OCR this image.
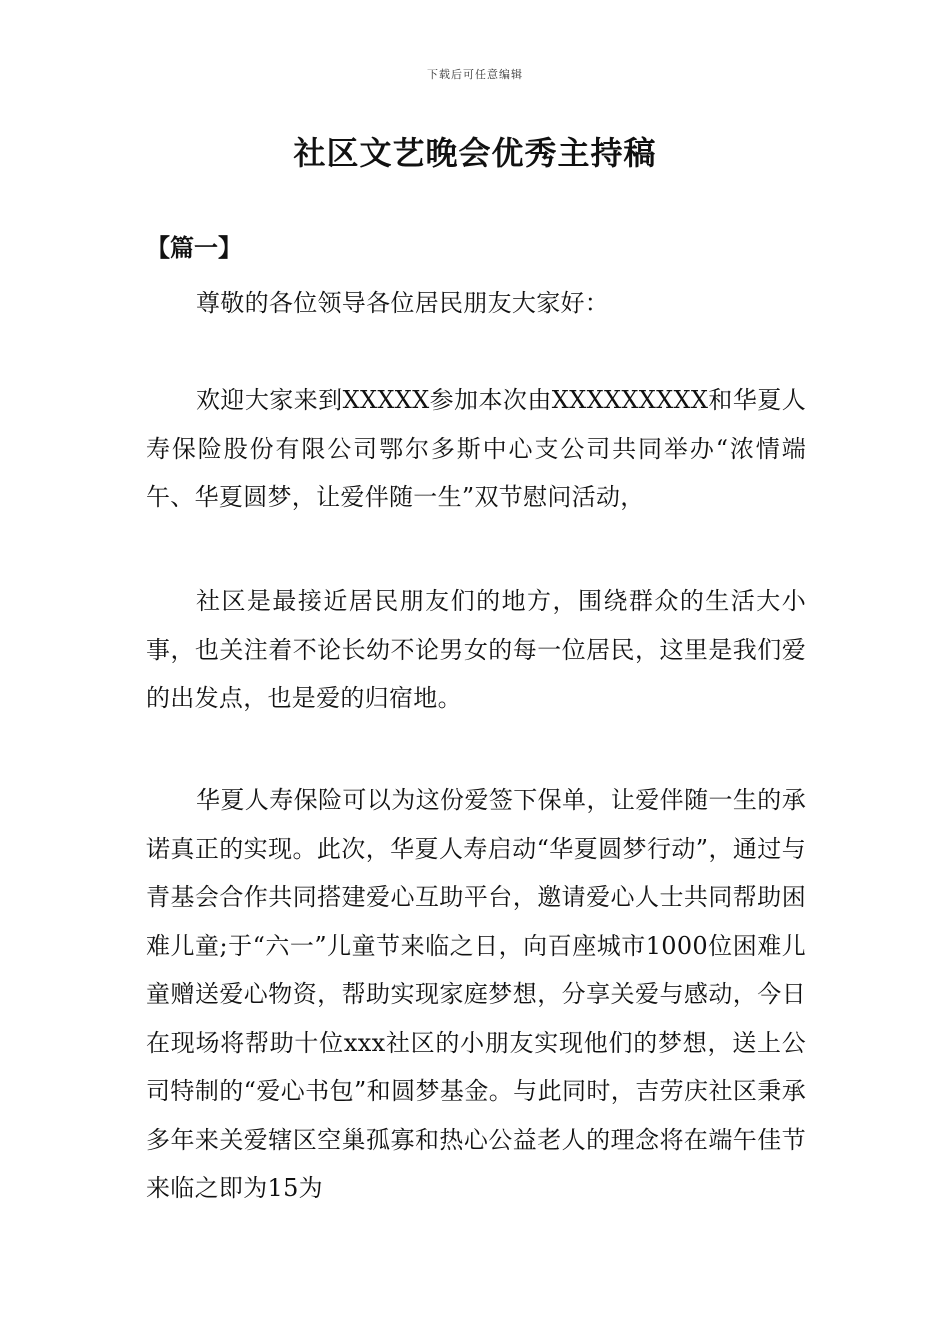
下载后可任意编辑
社区文艺晚会优秀主持稿
【篇一】

尊敬的各位领导各位居民朋友大家好：

欢迎大家来到XXXXX参加本次由XXXXXXXXX和华夏人寿保险股份有限公司鄂尔多斯中心支公司共同举办“浓情端午、华夏圆梦，让爱伴随一生”双节慰问活动，

社区是最接近居民朋友们的地方，围绕群众的生活大小事，也关注着不论长幼不论男女的每一位居民，这里是我们爱的出发点，也是爱的归宿地。

华夏人寿保险可以为这份爱签下保单，让爱伴随一生的承诺真正的实现。此次，华夏人寿启动“华夏圆梦行动”，通过与青基会合作共同搭建爱心互助平台，邀请爱心人士共同帮助困难儿童;于“六一”儿童节来临之日，向百座城市1000位困难儿童赠送爱心物资，帮助实现家庭梦想，分享关爱与感动，今日在现场将帮助十位xxx社区的小朋友实现他们的梦想，送上公司特制的“爱心书包”和圆梦基金。与此同时，吉劳庆社区秉承多年来关爱辖区空巢孤寡和热心公益老人的理念将在端午佳节来临之即为15为
